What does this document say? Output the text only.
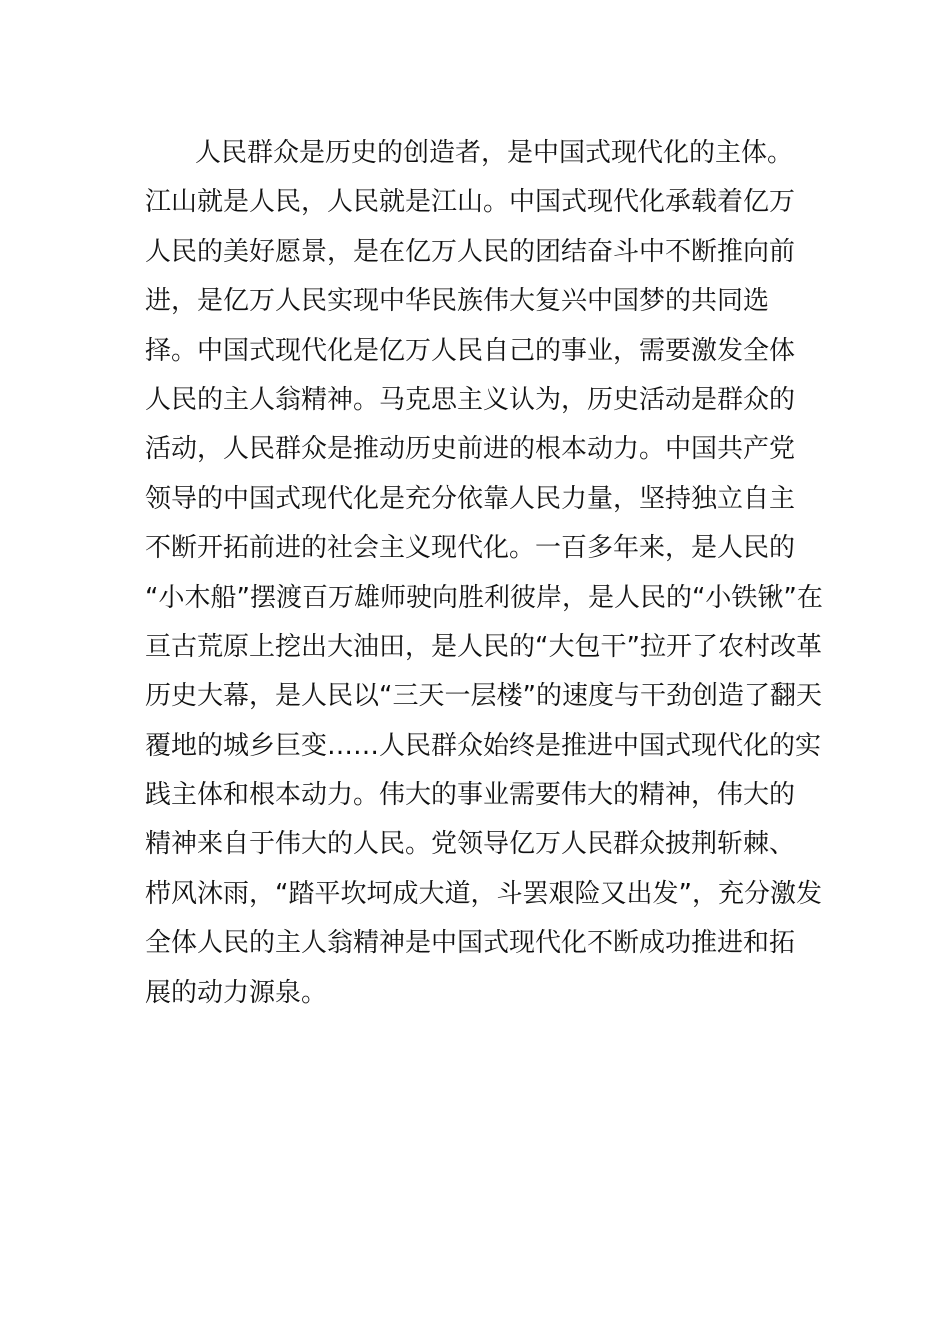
人民群众是历史的创造者，是中国式现代化的主体。
江山就是人民，人民就是江山。中国式现代化承载着亿万
人民的美好愿景，是在亿万人民的团结奋斗中不断推向前
进，是亿万人民实现中华民族伟大复兴中国梦的共同选
择。中国式现代化是亿万人民自己的事业，需要激发全体
人民的主人翁精神。马克思主义认为，历史活动是群众的
活动，人民群众是推动历史前进的根本动力。中国共产党
领导的中国式现代化是充分依靠人民力量，坚持独立自主
不断开拓前进的社会主义现代化。一百多年来，是人民的
“小木船”摆渡百万雄师驶向胜利彼岸，是人民的“小铁锹”在
亘古荒原上挖出大油田，是人民的“大包干”拉开了农村改革
历史大幕，是人民以“三天一层楼”的速度与干劲创造了翻天
覆地的城乡巨变……人民群众始终是推进中国式现代化的实
践主体和根本动力。伟大的事业需要伟大的精神，伟大的
精神来自于伟大的人民。党领导亿万人民群众披荆斩棘、
栉风沐雨，“踏平坎坷成大道，斗罢艰险又出发”，充分激发
全体人民的主人翁精神是中国式现代化不断成功推进和拓
展的动力源泉。
